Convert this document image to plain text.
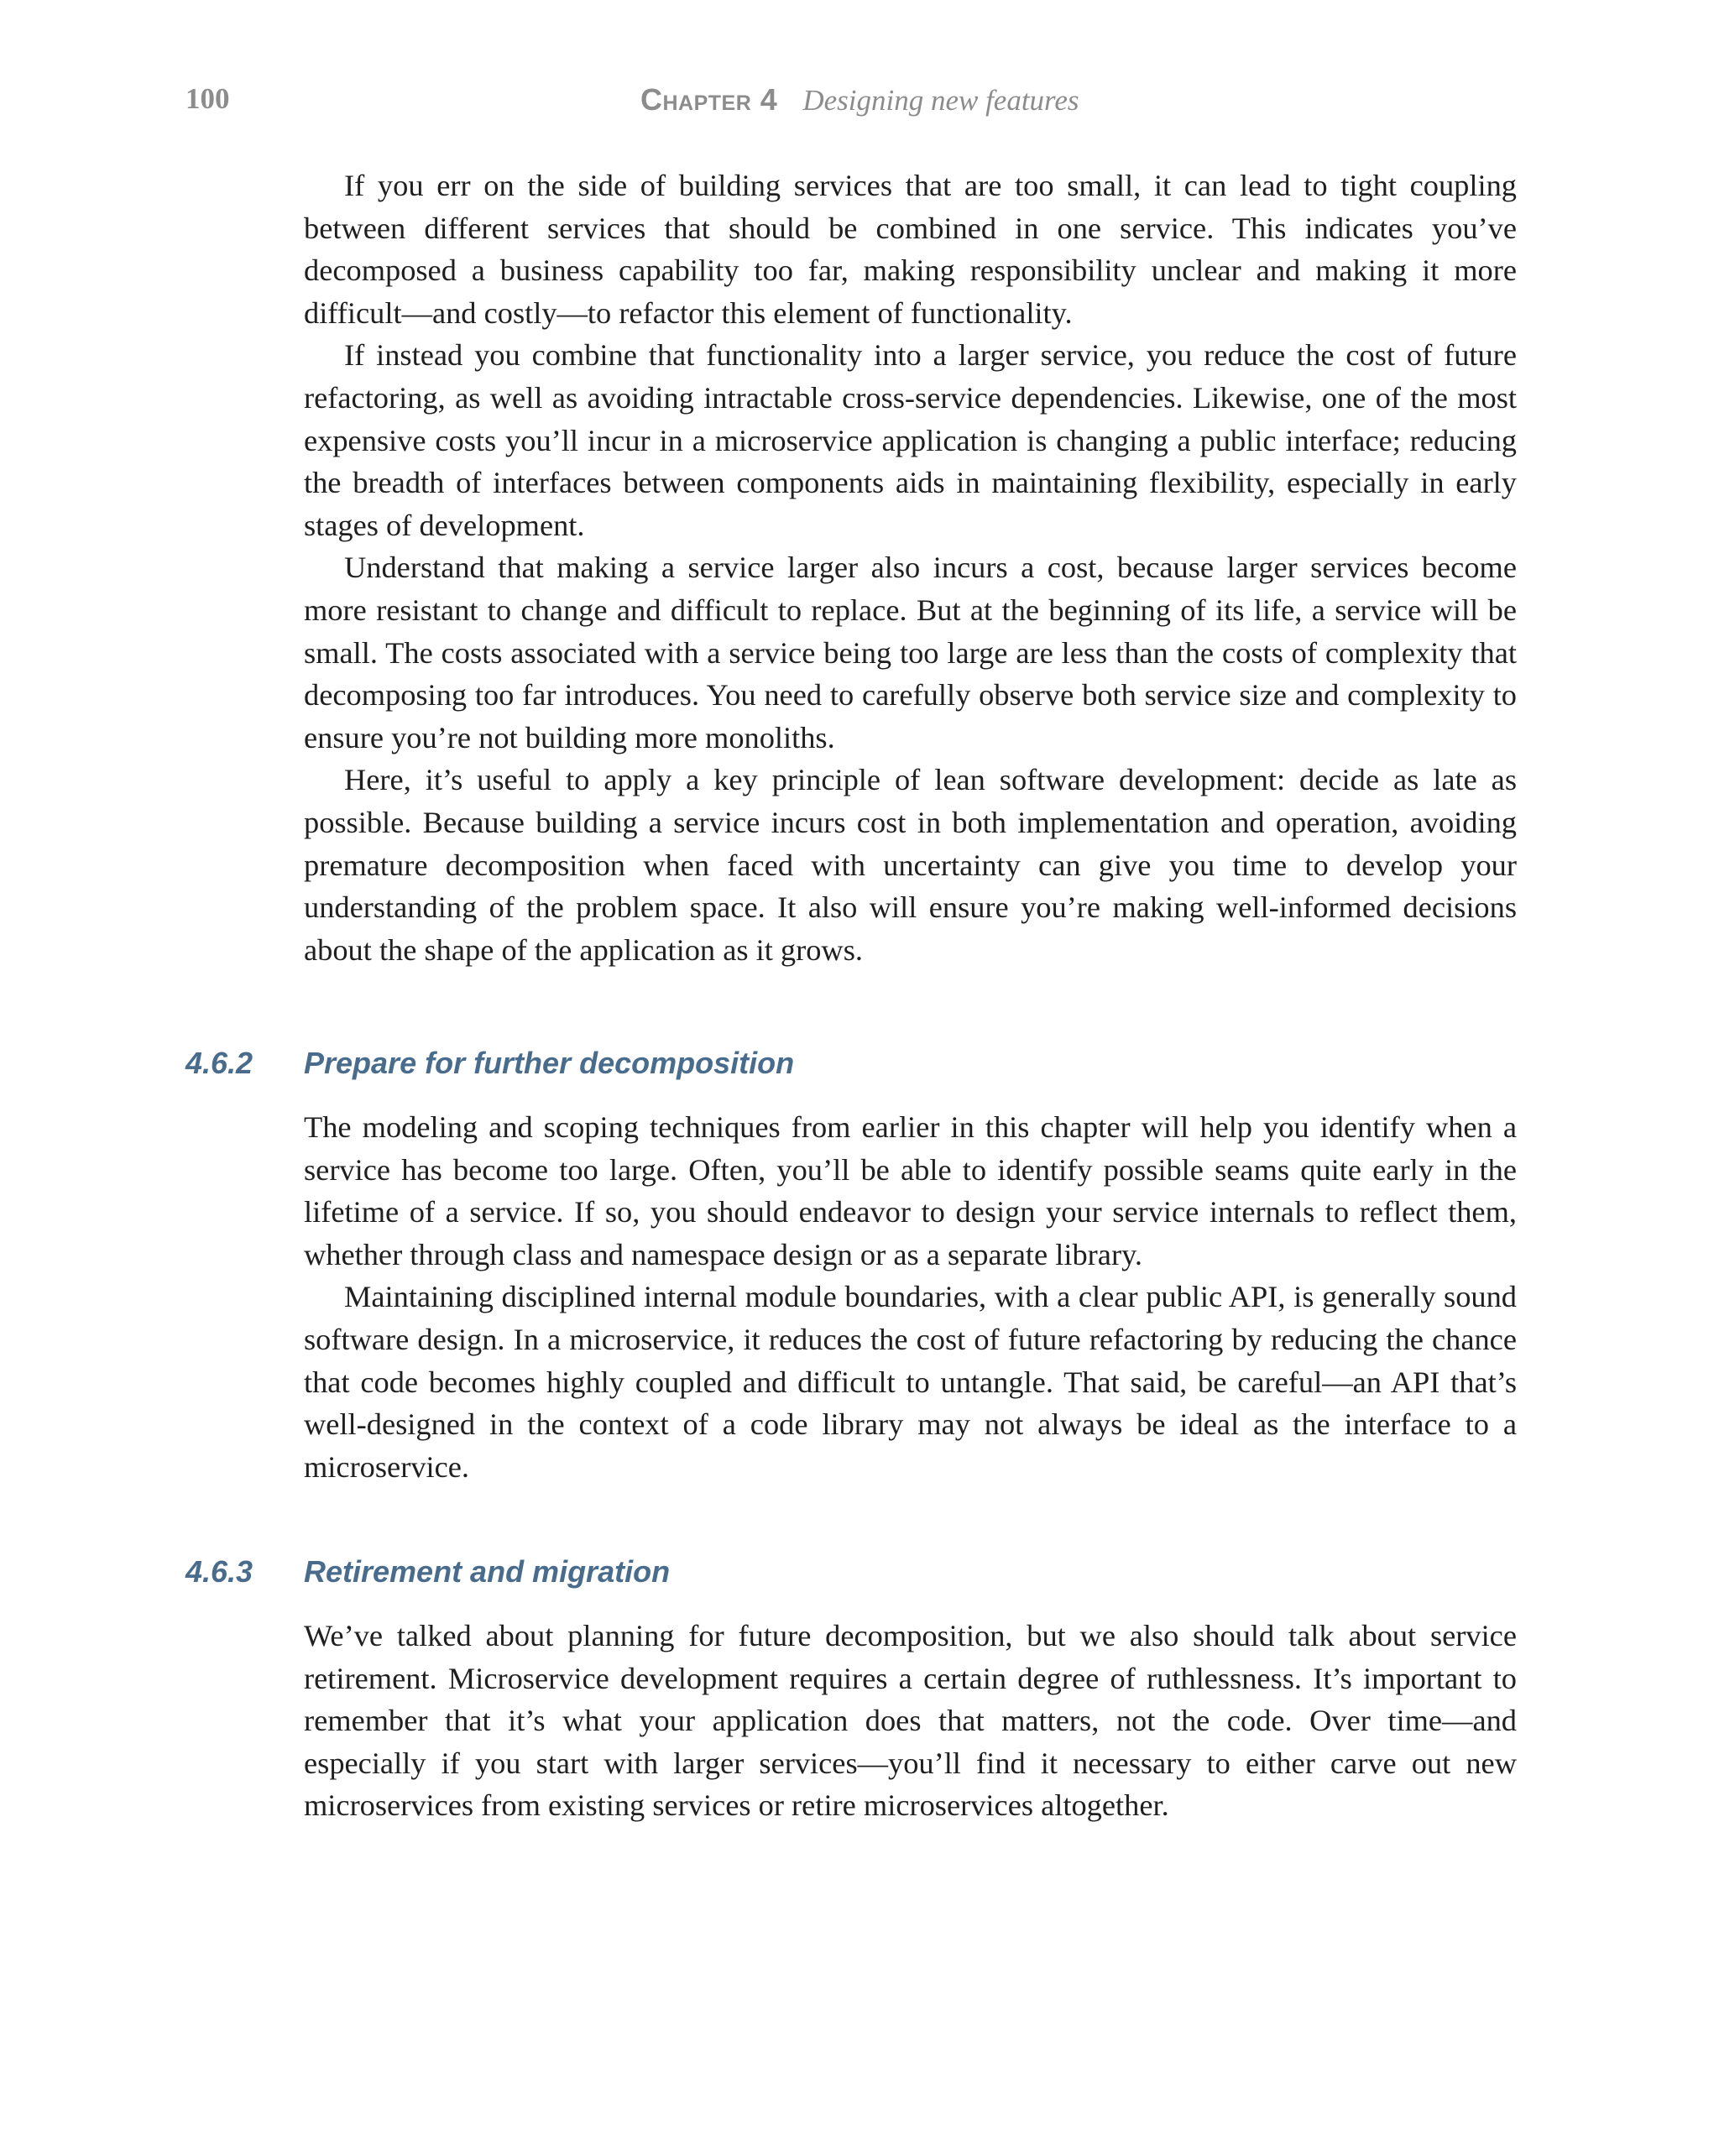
100	Chapter 4 Designing new features

If you err on the side of building services that are too small, it can lead to tight coupling between different services that should be combined in one service. This indicates you’ve decomposed a business capability too far, making responsibility unclear and making it more difficult—and costly—to refactor this element of functionality.

If instead you combine that functionality into a larger service, you reduce the cost of future refactoring, as well as avoiding intractable cross-service dependencies. Likewise, one of the most expensive costs you’ll incur in a microservice application is changing a public interface; reducing the breadth of interfaces between components aids in maintaining flexibility, especially in early stages of development.

Understand that making a service larger also incurs a cost, because larger services become more resistant to change and difficult to replace. But at the beginning of its life, a service will be small. The costs associated with a service being too large are less than the costs of complexity that decomposing too far introduces. You need to carefully observe both service size and complexity to ensure you’re not building more monoliths.

Here, it’s useful to apply a key principle of lean software development: decide as late as possible. Because building a service incurs cost in both implementation and operation, avoiding premature decomposition when faced with uncertainty can give you time to develop your understanding of the problem space. It also will ensure you’re making well-informed decisions about the shape of the application as it grows.

4.6.2 Prepare for further decomposition

The modeling and scoping techniques from earlier in this chapter will help you identify when a service has become too large. Often, you’ll be able to identify possible seams quite early in the lifetime of a service. If so, you should endeavor to design your service internals to reflect them, whether through class and namespace design or as a separate library.

Maintaining disciplined internal module boundaries, with a clear public API, is generally sound software design. In a microservice, it reduces the cost of future refactoring by reducing the chance that code becomes highly coupled and difficult to untangle. That said, be careful—an API that’s well-designed in the context of a code library may not always be ideal as the interface to a microservice.

4.6.3 Retirement and migration

We’ve talked about planning for future decomposition, but we also should talk about service retirement. Microservice development requires a certain degree of ruthlessness. It’s important to remember that it’s what your application does that matters, not the code. Over time—and especially if you start with larger services—you’ll find it necessary to either carve out new microservices from existing services or retire microservices altogether.
